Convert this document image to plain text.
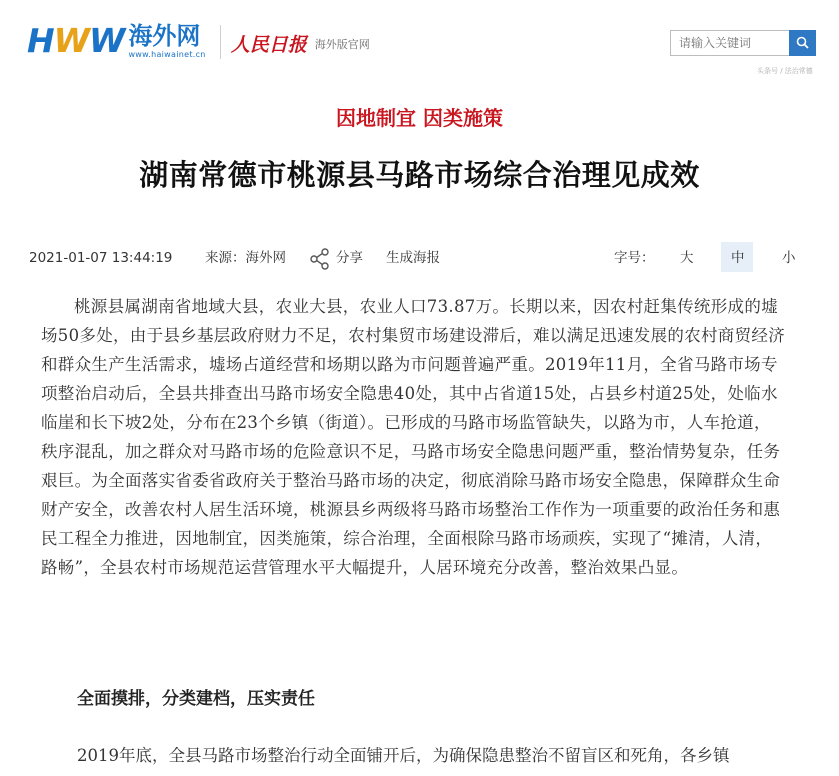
HWW 海外网
www.haiwainet.cn 人民日报 海外版官网
请输入关键词
头条号 / 法治常德
因地制宜 因类施策
湖南常德市桃源县马路市场综合治理见成效
2021-01-07 13:44:19 来源：海外网	分享 生成海报	字号： 大	中	小

桃源县属湖南省地域大县，农业大县，农业人口73.87万。长期以来，因农村赶集传统形成的墟场50多处，由于县乡基层政府财力不足，农村集贸市场建设滞后，难以满足迅速发展的农村商贸经济和群众生产生活需求，墟场占道经营和场期以路为市问题普遍严重。2019年11月，全省马路市场专项整治启动后，全县共排查出马路市场安全隐患40处，其中占省道15处，占县乡村道25处，处临水临崖和长下坡2处，分布在23个乡镇（街道）。已形成的马路市场监管缺失，以路为市，人车抢道，秩序混乱，加之群众对马路市场的危险意识不足，马路市场安全隐患问题严重，整治情势复杂，任务艰巨。为全面落实省委省政府关于整治马路市场的决定，彻底消除马路市场安全隐患，保障群众生命财产安全，改善农村人居生活环境，桃源县乡两级将马路市场整治工作作为一项重要的政治任务和惠民工程全力推进，因地制宜，因类施策，综合治理，全面根除马路市场顽疾，实现了“摊清，人清，路畅”，全县农村市场规范运营管理水平大幅提升，人居环境充分改善，整治效果凸显。

全面摸排，分类建档，压实责任
2019年底，全县马路市场整治行动全面铺开后，为确保隐患整治不留盲区和死角，各乡镇
